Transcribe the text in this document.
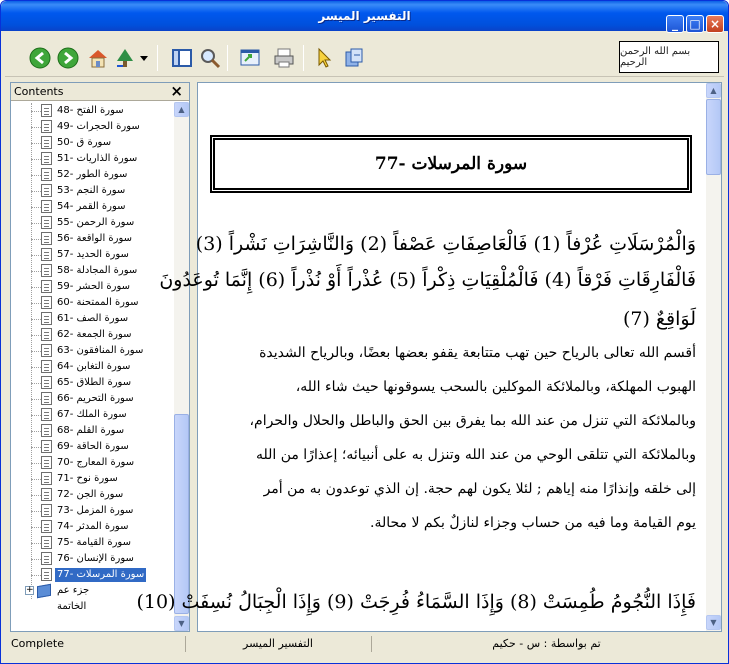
التفسير الميسر
_ □ ×
بسم الله الرحمن الرحيم
Contents	×
سورة الفتح -48
سورة الحجرات -49
سورة ق -50
سورة الذاريات -51
سورة الطور -52
سورة النجم -53
سورة القمر -54
سورة الرحمن -55
سورة الواقعة -56
سورة الحديد -57
سورة المجادلة -58
سورة الحشر -59
سورة الممتحنة -60
سورة الصف -61
سورة الجمعة -62
سورة المنافقون -63
سورة التغابن -64
سورة الطلاق -65
سورة التحريم -66
سورة الملك -67
سورة القلم -68
سورة الحاقة -69
سورة المعارج -70
سورة نوح -71
سورة الجن -72
سورة المزمل -73
سورة المدثر -74
سورة القيامة -75
سورة الإنسان -76
سورة المرسلات -77
+ جزء عم
الخاتمة
▲
▼
77- سورة المرسلات
وَالْمُرْسَلَاتِ عُرْفاً (1) فَالْعَاصِفَاتِ عَصْفاً (2) وَالنَّاشِرَاتِ نَشْراً (3)
فَالْفَارِقَاتِ فَرْقاً (4) فَالْمُلْقِيَاتِ ذِكْراً (5) عُذْراً أَوْ نُذْراً (6) إِنَّمَا تُوعَدُونَ
لَوَاقِعٌ (7)
أقسم الله تعالى بالرياح حين تهب متتابعة يقفو بعضها بعضًا، وبالرياح الشديدة
الهبوب المهلكة، وبالملائكة الموكلين بالسحب يسوقونها حيث شاء الله،
وبالملائكة التي تنزل من عند الله بما يفرق بين الحق والباطل والحلال والحرام،
وبالملائكة التي تتلقى الوحي من عند الله وتنزل به على أنبيائه؛ إعذارًا من الله
إلى خلقه وإنذارًا منه إياهم ; لئلا يكون لهم حجة. إن الذي توعدون به من أمر
يوم القيامة وما فيه من حساب وجزاء لنازلٌ بكم لا محالة.
فَإِذَا النُّجُومُ طُمِسَتْ (8) وَإِذَا السَّمَاءُ فُرِجَتْ (9) وَإِذَا الْجِبَالُ نُسِفَتْ (10)
▲
▼
Complete	التفسير الميسر	تم بواسطة : س - حكيم
